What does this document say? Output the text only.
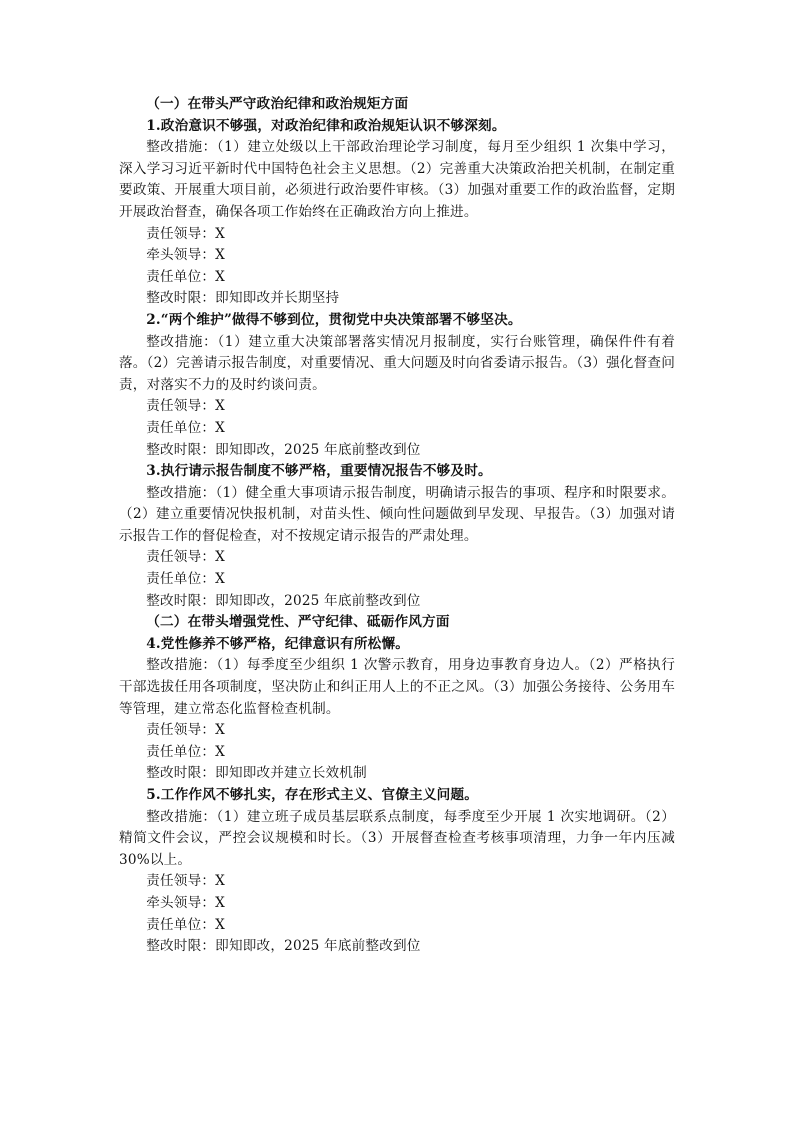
（一）在带头严守政治纪律和政治规矩方面
1.政治意识不够强，对政治纪律和政治规矩认识不够深刻。
整改措施：（1）建立处级以上干部政治理论学习制度，每月至少组织 1 次集中学习，深入学习习近平新时代中国特色社会主义思想。（2）完善重大决策政治把关机制，在制定重要政策、开展重大项目前，必须进行政治要件审核。（3）加强对重要工作的政治监督，定期开展政治督查，确保各项工作始终在正确政治方向上推进。
责任领导：X
牵头领导：X
责任单位：X
整改时限：即知即改并长期坚持
2.“两个维护”做得不够到位，贯彻党中央决策部署不够坚决。
整改措施：（1）建立重大决策部署落实情况月报制度，实行台账管理，确保件件有着落。（2）完善请示报告制度，对重要情况、重大问题及时向省委请示报告。（3）强化督查问责，对落实不力的及时约谈问责。
责任领导：X
责任单位：X
整改时限：即知即改，2025 年底前整改到位
3.执行请示报告制度不够严格，重要情况报告不够及时。
整改措施：（1）健全重大事项请示报告制度，明确请示报告的事项、程序和时限要求。（2）建立重要情况快报机制，对苗头性、倾向性问题做到早发现、早报告。（3）加强对请示报告工作的督促检查，对不按规定请示报告的严肃处理。
责任领导：X
责任单位：X
整改时限：即知即改，2025 年底前整改到位
（二）在带头增强党性、严守纪律、砥砺作风方面
4.党性修养不够严格，纪律意识有所松懈。
整改措施：（1）每季度至少组织 1 次警示教育，用身边事教育身边人。（2）严格执行干部选拔任用各项制度，坚决防止和纠正用人上的不正之风。（3）加强公务接待、公务用车等管理，建立常态化监督检查机制。
责任领导：X
责任单位：X
整改时限：即知即改并建立长效机制
5.工作作风不够扎实，存在形式主义、官僚主义问题。
整改措施：（1）建立班子成员基层联系点制度，每季度至少开展 1 次实地调研。（2）精简文件会议，严控会议规模和时长。（3）开展督查检查考核事项清理，力争一年内压减 30%以上。
责任领导：X
牵头领导：X
责任单位：X
整改时限：即知即改，2025 年底前整改到位
